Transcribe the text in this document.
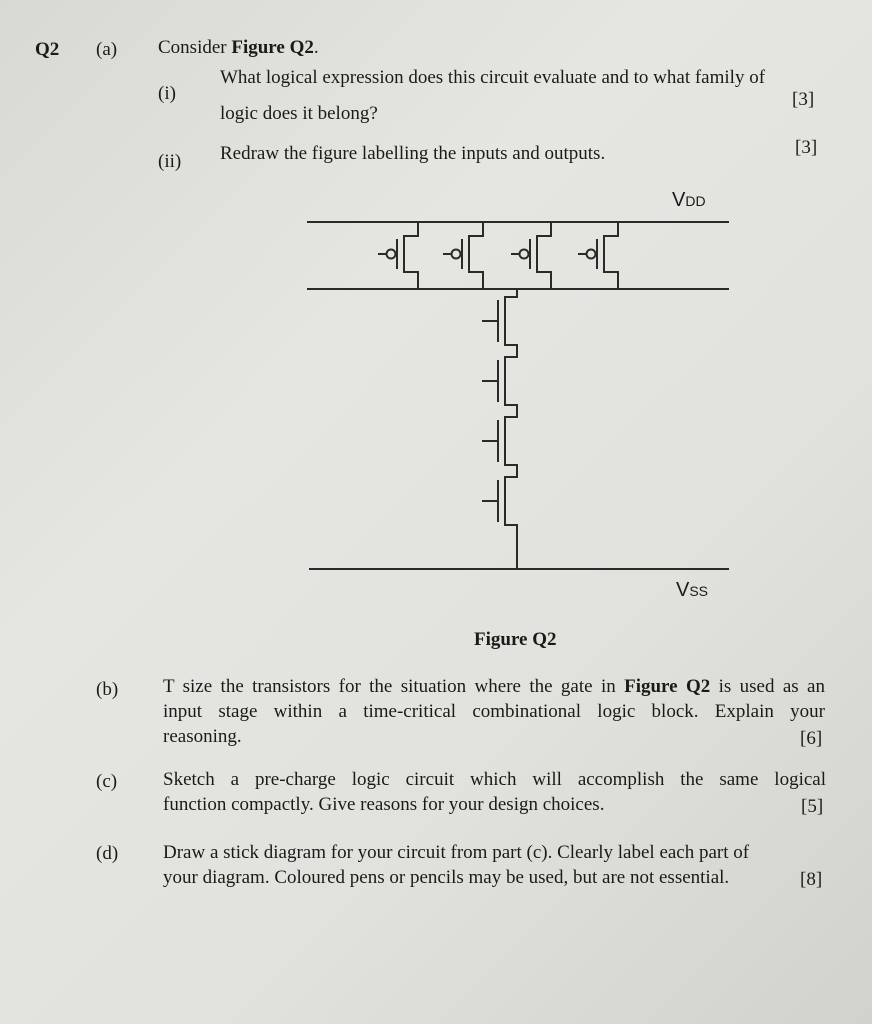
Q2 (a) Consider Figure Q2.
(i)
What logical expression does this circuit evaluate and to what family of
logic does it belong?
[3]
(ii) Redraw the figure labelling the inputs and outputs.	[3]
VDD
VSS
Figure Q2
(b) T size the transistors for the situation where the gate in Figure Q2 is used as an
input stage within a time-critical combinational logic block. Explain your
reasoning.	[6]
(c) Sketch a pre-charge logic circuit which will accomplish the same logical
function compactly. Give reasons for your design choices.	[5]
(d) Draw a stick diagram for your circuit from part (c). Clearly label each part of
your diagram. Coloured pens or pencils may be used, but are not essential.	[8]
